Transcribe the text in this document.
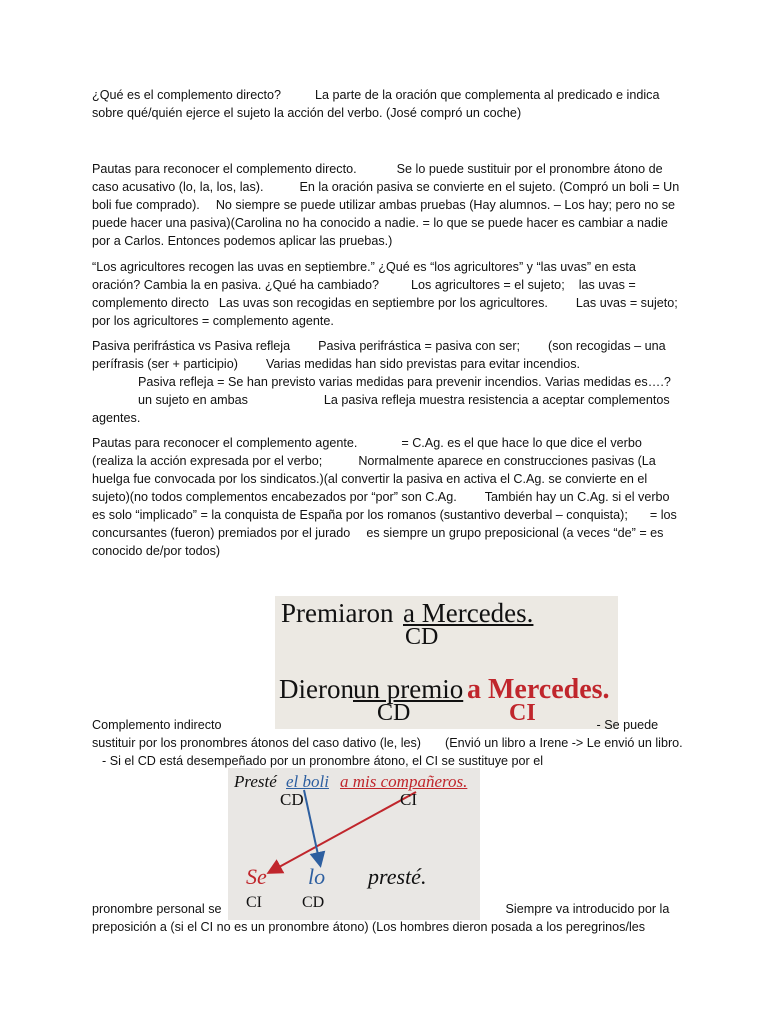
¿Qué es el complemento directo?	La parte de la oración que complementa al predicado e indica sobre qué/quién ejerce el sujeto la acción del verbo. (José compró un coche)

Pautas para reconocer el complemento directo.	Se lo puede sustituir por el pronombre átono de caso acusativo (lo, la, los, las).	En la oración pasiva se convierte en el sujeto. (Compró un boli = Un boli fue comprado). No siempre se puede utilizar ambas pruebas (Hay alumnos. – Los hay; pero no se puede hacer una pasiva)(Carolina no ha conocido a nadie. = lo que se puede hacer es cambiar a nadie por a Carlos. Entonces podemos aplicar las pruebas.)

“Los agricultores recogen las uvas en septiembre.” ¿Qué es “los agricultores” y “las uvas” en esta oración? Cambia la en pasiva. ¿Qué ha cambiado?	Los agricultores = el sujeto; las uvas = complemento directo Las uvas son recogidas en septiembre por los agricultores. Las uvas = sujeto; por los agricultores = complemento agente.

Pasiva perifrástica vs Pasiva refleja Pasiva perifrástica = pasiva con ser; (son recogidas – una perífrasis (ser + participio) Varias medidas han sido previstas para evitar incendios.
Pasiva refleja = Se han previsto varias medidas para prevenir incendios. Varias medidas es….?
un sujeto en ambas	La pasiva refleja muestra resistencia a aceptar complementos agentes.

Pautas para reconocer el complemento agente.	= C.Ag. es el que hace lo que dice el verbo (realiza la acción expresada por el verbo;	Normalmente aparece en construcciones pasivas (La huelga fue convocada por los sindicatos.)(al convertir la pasiva en activa el C.Ag. se convierte en el sujeto)(no todos complementos encabezados por “por” son C.Ag. También hay un C.Ag. si el verbo es solo “implicado” = la conquista de España por los romanos (sustantivo deverbal – conquista); = los concursantes (fueron) premiados por el jurado es siempre un grupo preposicional (a veces “de” = es conocido de/por todos)

Premiaron a Mercedes.
CD
Dieron un premio a Mercedes.
CD	CI

Complemento indirecto	- Se puede sustituir por los pronombres átonos del caso dativo (le, les) (Envió un libro a Irene -> Le envió un libro.- Si el CD está desempeñado por un pronombre átono, el CI se sustituye por el

Presté el boli a mis compañeros.
CD	CI
Se lo presté.
CI	CD

pronombre personal se	Siempre va introducido por la preposición a (si el CI no es un pronombre átono) (Los hombres dieron posada a los peregrinos/les
